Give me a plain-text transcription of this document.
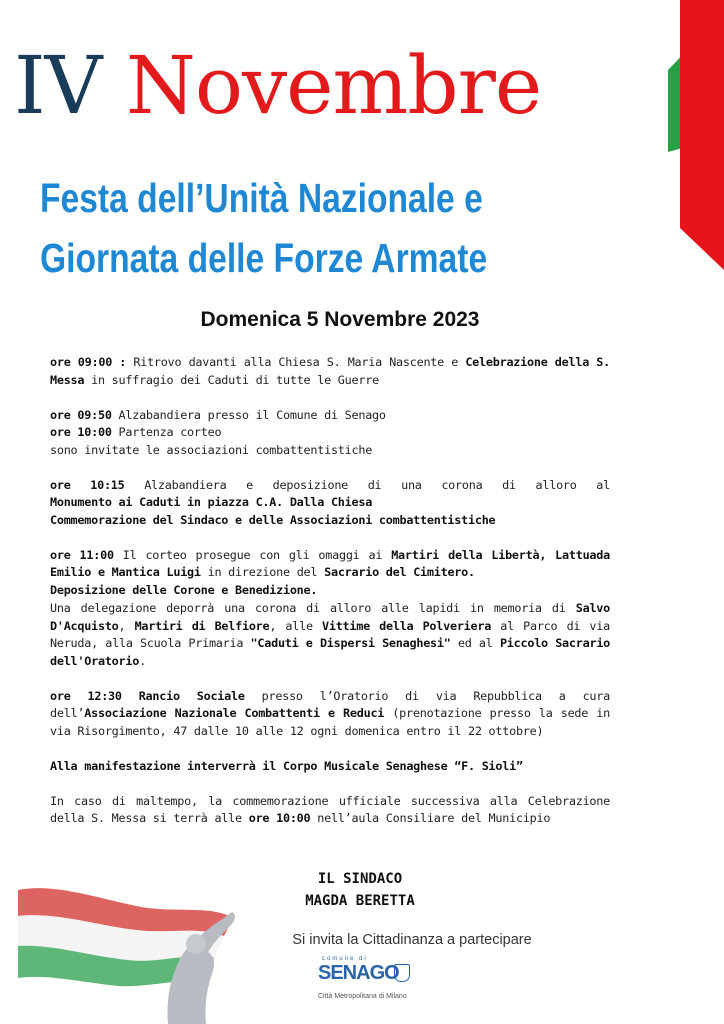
IV Novembre
Festa dell’Unità Nazionale e
Giornata delle Forze Armate

Domenica 5 Novembre 2023

ore 09:00 : Ritrovo davanti alla Chiesa S. Maria Nascente e Celebrazione della S. Messa in suffragio dei Caduti di tutte le Guerre

ore 09:50 Alzabandiera presso il Comune di Senago
ore 10:00 Partenza corteo
sono invitate le associazioni combattentistiche

ore 10:15 Alzabandiera e deposizione di una corona di alloro al
Monumento ai Caduti in piazza C.A. Dalla Chiesa
Commemorazione del Sindaco e delle Associazioni combattentistiche

ore 11:00 Il corteo prosegue con gli omaggi ai Martiri della Libertà, Lattuada Emilio e Mantica Luigi in direzione del Sacrario del Cimitero.
Deposizione delle Corone e Benedizione.

Una delegazione deporrà una corona di alloro alle lapidi in memoria di Salvo D'Acquisto, Martiri di Belfiore, alle Vittime della Polveriera al Parco di via Neruda, alla Scuola Primaria "Caduti e Dispersi Senaghesi" ed al Piccolo Sacrario dell'Oratorio.

ore 12:30 Rancio Sociale presso l’Oratorio di via Repubblica a cura dell’Associazione Nazionale Combattenti e Reduci (prenotazione presso la sede in via Risorgimento, 47 dalle 10 alle 12 ogni domenica entro il 22 ottobre)

Alla manifestazione interverrà il Corpo Musicale Senaghese “F. Sioli”

In caso di maltempo, la commemorazione ufficiale successiva alla Celebrazione della S. Messa si terrà alle ore 10:00 nell’aula Consiliare del Municipio

IL SINDACO
MAGDA BERETTA

Si invita la Cittadinanza a partecipare

comune di
SENAGO
Città Metropolitana di Milano
